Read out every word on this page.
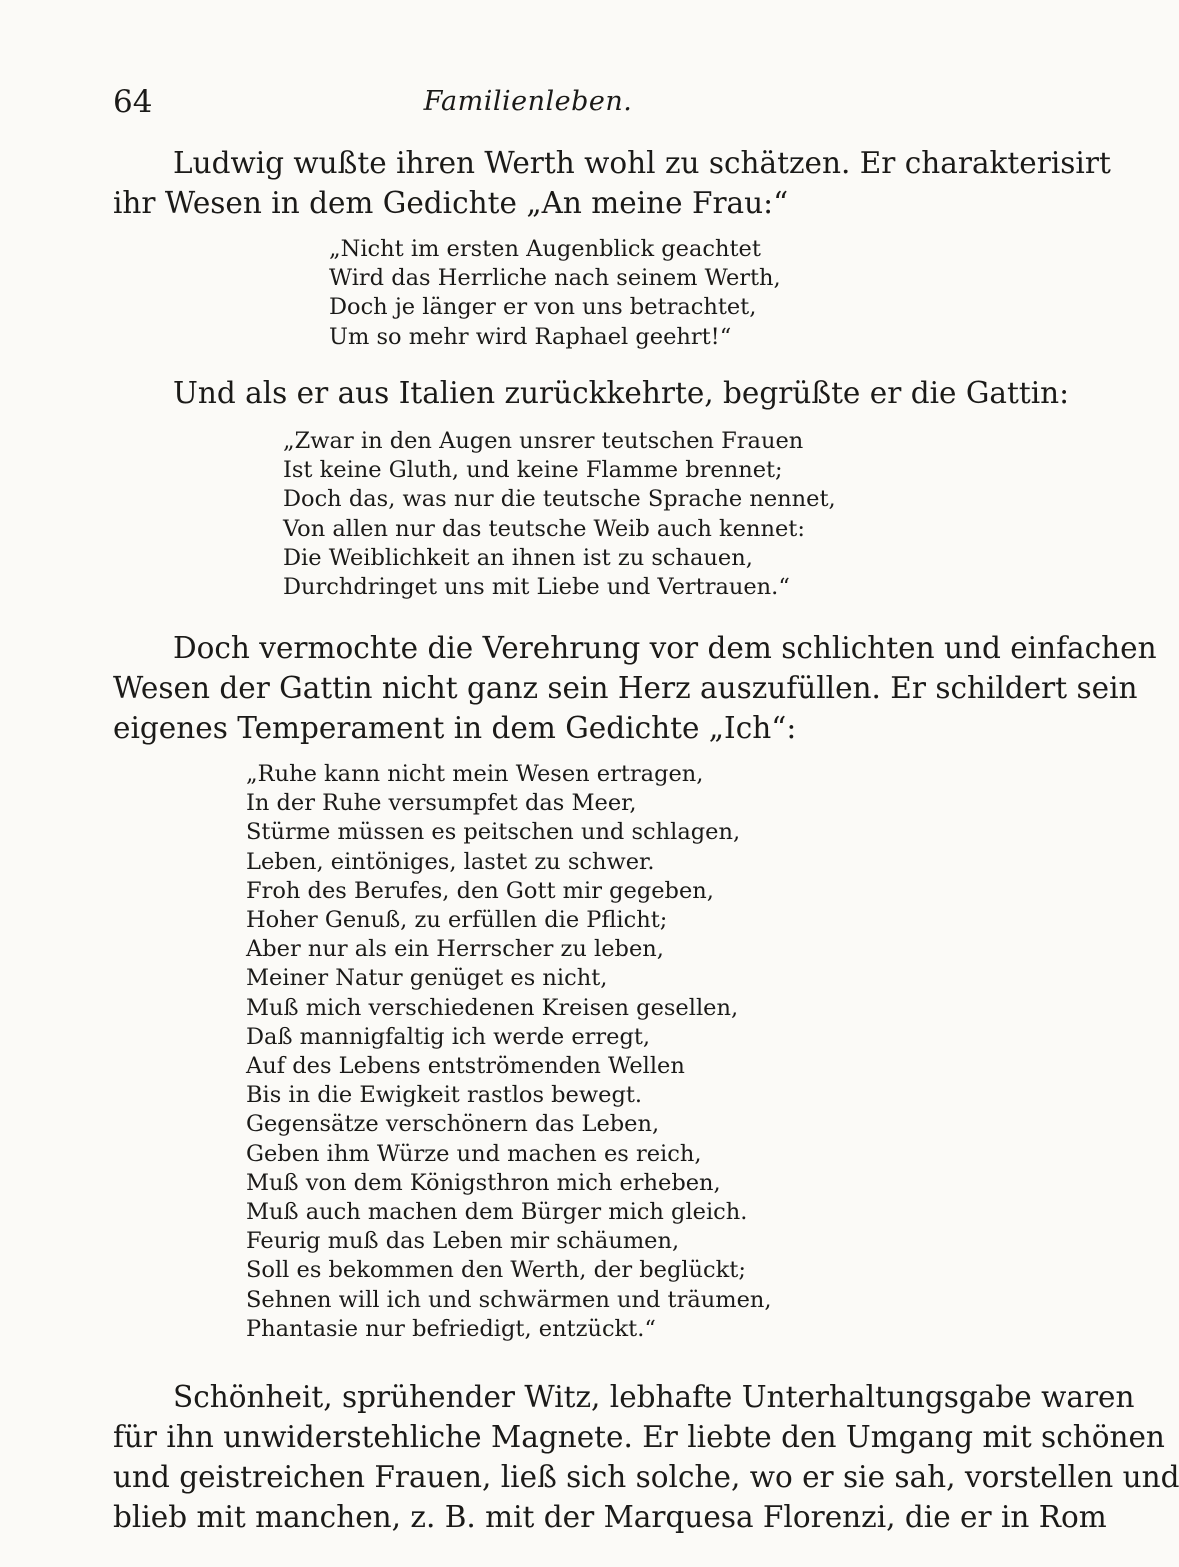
64	Familienleben.

Ludwig wußte ihren Werth wohl zu schätzen. Er charakterisirt
ihr Wesen in dem Gedichte „An meine Frau:“

„Nicht im ersten Augenblick geachtet
Wird das Herrliche nach seinem Werth,
Doch je länger er von uns betrachtet,
Um so mehr wird Raphael geehrt!“

Und als er aus Italien zurückkehrte, begrüßte er die Gattin:

„Zwar in den Augen unsrer teutschen Frauen
Ist keine Gluth, und keine Flamme brennet;
Doch das, was nur die teutsche Sprache nennet,
Von allen nur das teutsche Weib auch kennet:
Die Weiblichkeit an ihnen ist zu schauen,
Durchdringet uns mit Liebe und Vertrauen.“

Doch vermochte die Verehrung vor dem schlichten und einfachen
Wesen der Gattin nicht ganz sein Herz auszufüllen. Er schildert sein
eigenes Temperament in dem Gedichte „Ich“:

„Ruhe kann nicht mein Wesen ertragen,
In der Ruhe versumpfet das Meer,
Stürme müssen es peitschen und schlagen,
Leben, eintöniges, lastet zu schwer.
Froh des Berufes, den Gott mir gegeben,
Hoher Genuß, zu erfüllen die Pflicht;
Aber nur als ein Herrscher zu leben,
Meiner Natur genüget es nicht,
Muß mich verschiedenen Kreisen gesellen,
Daß mannigfaltig ich werde erregt,
Auf des Lebens entströmenden Wellen
Bis in die Ewigkeit rastlos bewegt.
Gegensätze verschönern das Leben,
Geben ihm Würze und machen es reich,
Muß von dem Königsthron mich erheben,
Muß auch machen dem Bürger mich gleich.
Feurig muß das Leben mir schäumen,
Soll es bekommen den Werth, der beglückt;
Sehnen will ich und schwärmen und träumen,
Phantasie nur befriedigt, entzückt.“

Schönheit, sprühender Witz, lebhafte Unterhaltungsgabe waren
für ihn unwiderstehliche Magnete. Er liebte den Umgang mit schönen
und geistreichen Frauen, ließ sich solche, wo er sie sah, vorstellen und
blieb mit manchen, z. B. mit der Marquesa Florenzi, die er in Rom
